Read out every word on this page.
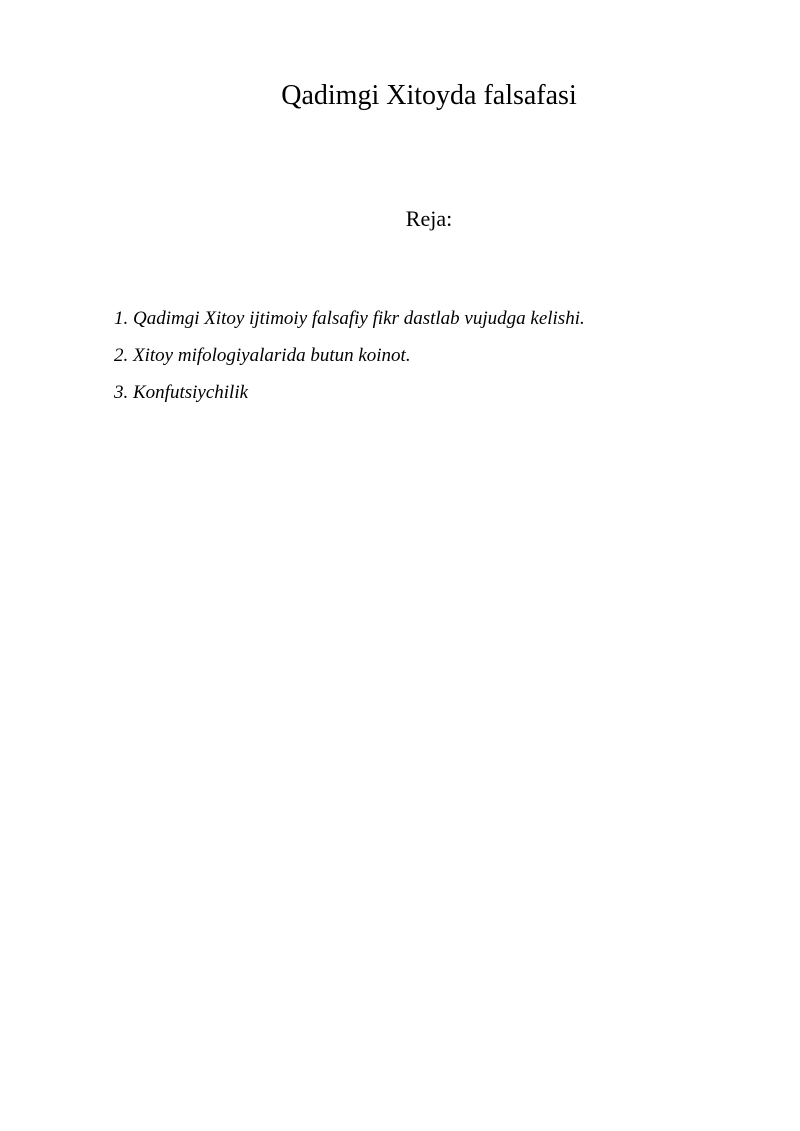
Qadimgi Xitoyda falsafasi

Reja:

1. Qadimgi Xitoy ijtimoiy falsafiy fikr dastlab vujudga kelishi.
2. Xitoy mifologiyalarida butun koinot.
3. Konfutsiychilik
